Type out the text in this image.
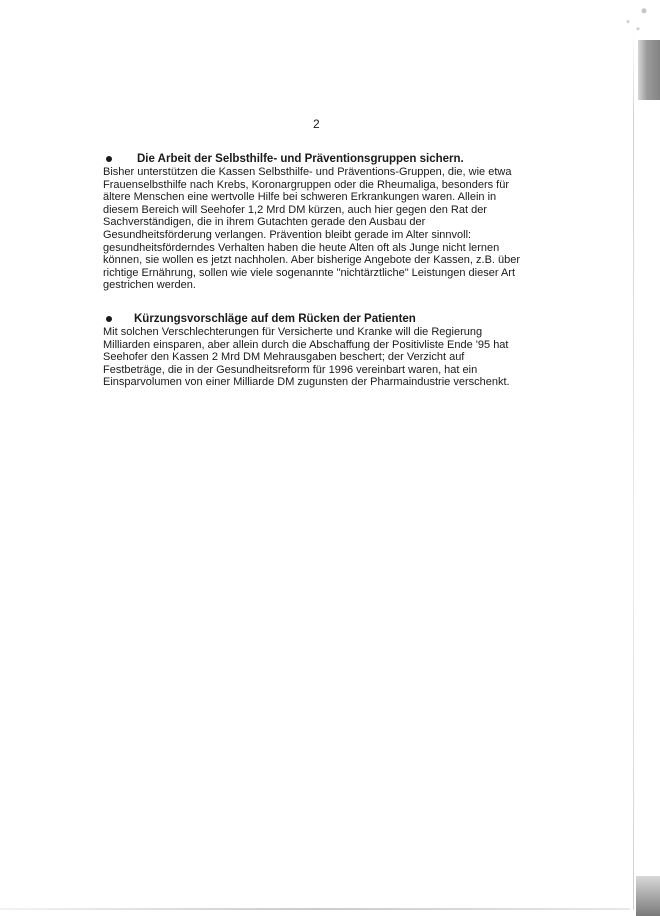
2
Die Arbeit der Selbsthilfe- und Präventionsgruppen sichern.

Bisher unterstützen die Kassen Selbsthilfe- und Präventions-Gruppen, die, wie etwa
Frauenselbsthilfe nach Krebs, Koronargruppen oder die Rheumaliga, besonders für
ältere Menschen eine wertvolle Hilfe bei schweren Erkrankungen waren. Allein in
diesem Bereich will Seehofer 1,2 Mrd DM kürzen, auch hier gegen den Rat der
Sachverständigen, die in ihrem Gutachten gerade den Ausbau der
Gesundheitsförderung verlangen. Prävention bleibt gerade im Alter sinnvoll:
gesundheitsförderndes Verhalten haben die heute Alten oft als Junge nicht lernen
können, sie wollen es jetzt nachholen. Aber bisherige Angebote der Kassen, z.B. über
richtige Ernährung, sollen wie viele sogenannte "nichtärztliche" Leistungen dieser Art
gestrichen werden.

Kürzungsvorschläge auf dem Rücken der Patienten

Mit solchen Verschlechterungen für Versicherte und Kranke will die Regierung
Milliarden einsparen, aber allein durch die Abschaffung der Positivliste Ende '95 hat
Seehofer den Kassen 2 Mrd DM Mehrausgaben beschert; der Verzicht auf
Festbeträge, die in der Gesundheitsreform für 1996 vereinbart waren, hat ein
Einsparvolumen von einer Milliarde DM zugunsten der Pharmaindustrie verschenkt.
